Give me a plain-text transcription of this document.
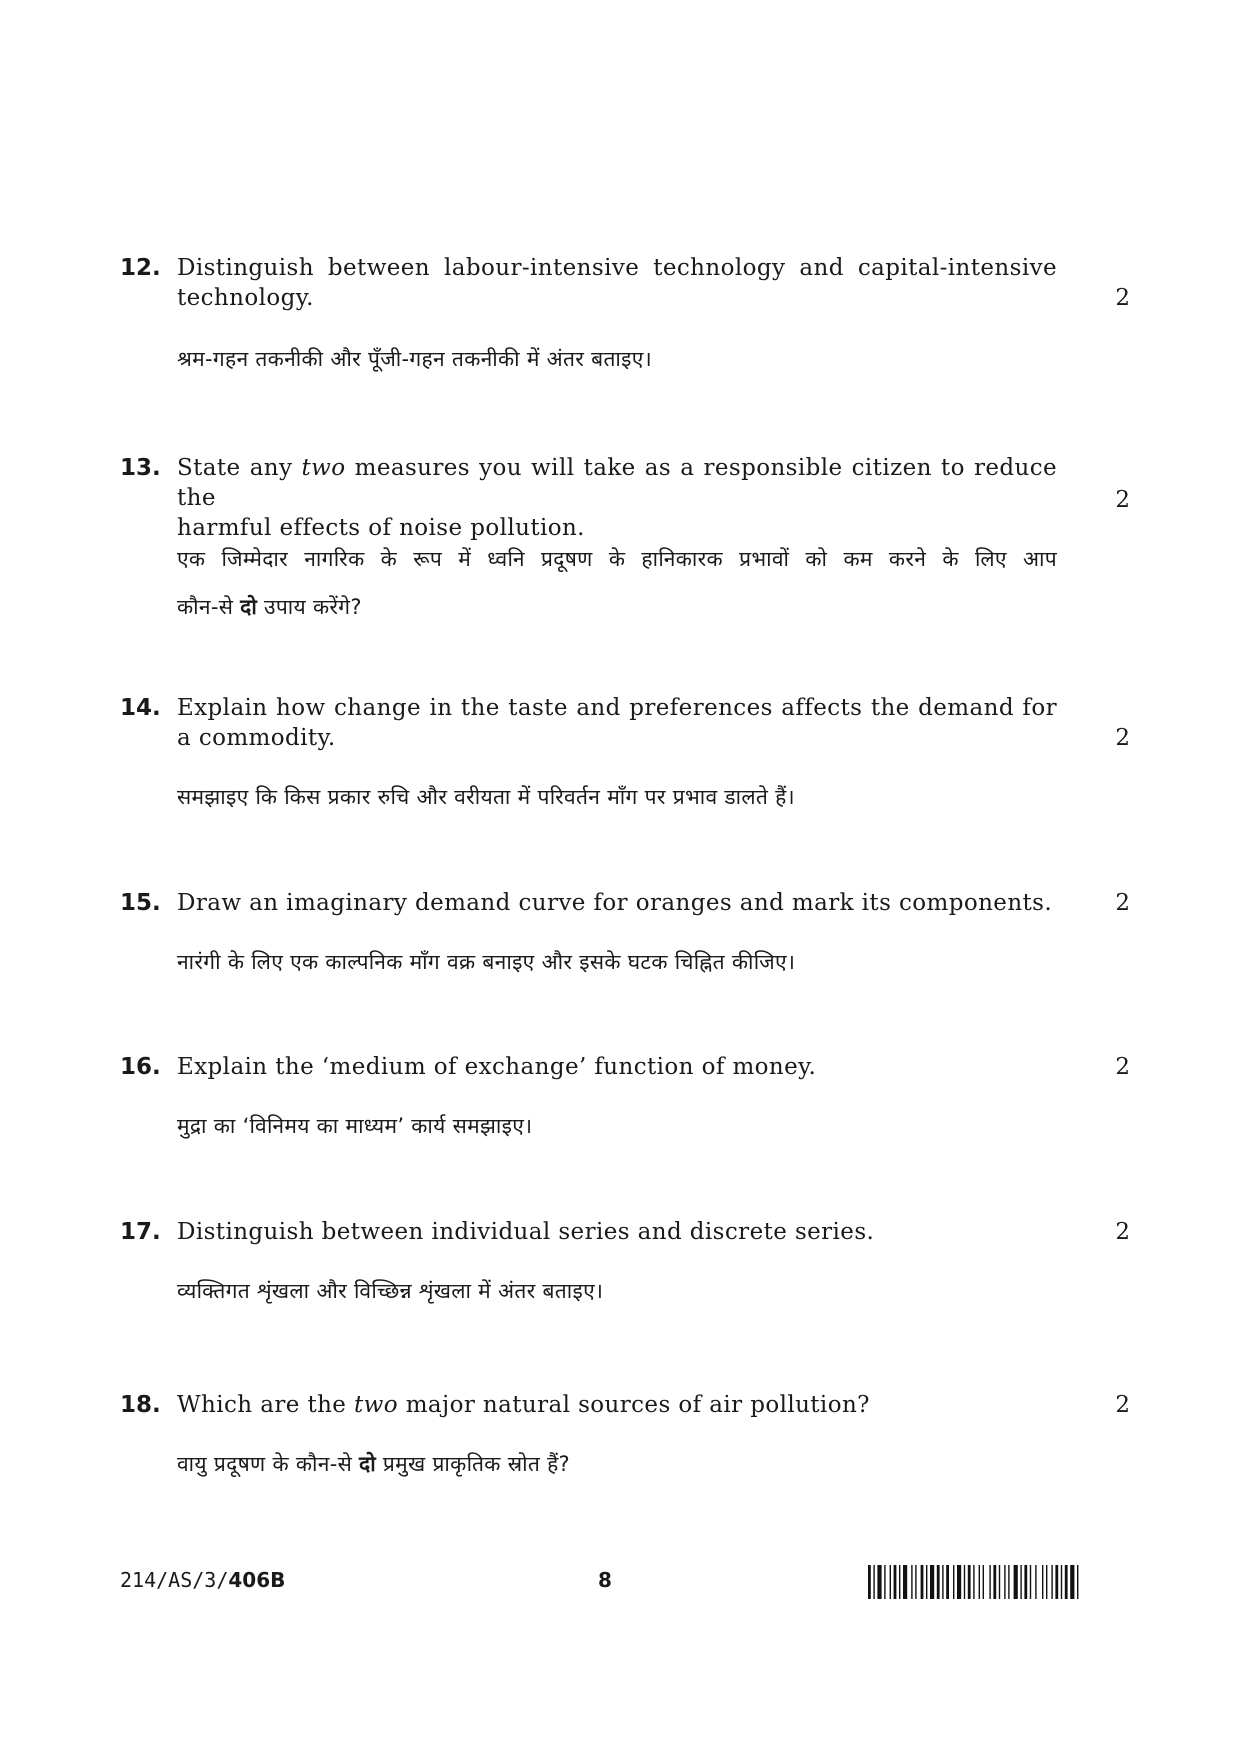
12. Distinguish between labour-intensive technology and capital-intensive
technology.	2
श्रम-गहन तकनीकी और पूँजी-गहन तकनीकी में अंतर बताइए।
13. State any two measures you will take as a responsible citizen to reduce the
harmful effects of noise pollution.
2
एक जिम्मेदार नागरिक के रूप में ध्वनि प्रदूषण के हानिकारक प्रभावों को कम करने के लिए आप
कौन-से दो उपाय करेंगे?
14. Explain how change in the taste and preferences affects the demand for
a commodity.	2
समझाइए कि किस प्रकार रुचि और वरीयता में परिवर्तन माँग पर प्रभाव डालते हैं।
15. Draw an imaginary demand curve for oranges and mark its components.	2
नारंगी के लिए एक काल्पनिक माँग वक्र बनाइए और इसके घटक चिह्नित कीजिए।
16. Explain the ‘medium of exchange’ function of money.	2
मुद्रा का ‘विनिमय का माध्यम’ कार्य समझाइए।
17. Distinguish between individual series and discrete series.	2
व्यक्तिगत शृंखला और विच्छिन्न शृंखला में अंतर बताइए।
18. Which are the two major natural sources of air pollution?	2
वायु प्रदूषण के कौन-से दो प्रमुख प्राकृतिक स्रोत हैं?
214/AS/3/406B	8
